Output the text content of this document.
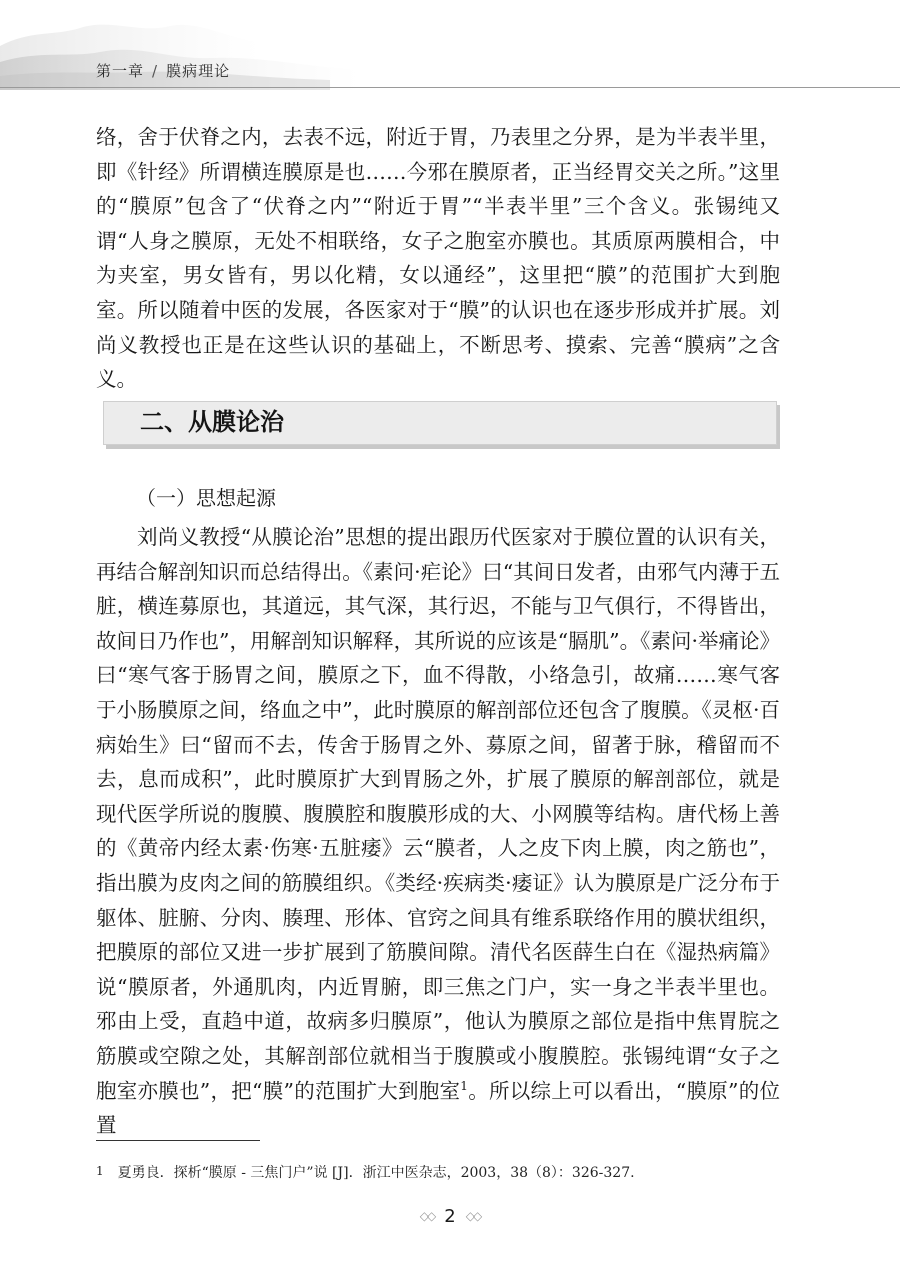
第一章 / 膜病理论

络，舍于伏脊之内，去表不远，附近于胃，乃表里之分界，是为半表半里，即《针经》所谓横连膜原是也……今邪在膜原者，正当经胃交关之所。”这里的“膜原”包含了“伏脊之内”“附近于胃”“半表半里”三个含义。张锡纯又谓“人身之膜原，无处不相联络，女子之胞室亦膜也。其质原两膜相合，中为夹室，男女皆有，男以化精，女以通经”，这里把“膜”的范围扩大到胞室。所以随着中医的发展，各医家对于“膜”的认识也在逐步形成并扩展。刘尚义教授也正是在这些认识的基础上，不断思考、摸索、完善“膜病”之含义。

二、从膜论治
（一）思想起源

刘尚义教授“从膜论治”思想的提出跟历代医家对于膜位置的认识有关，再结合解剖知识而总结得出。《素问·疟论》曰“其间日发者，由邪气内薄于五脏，横连募原也，其道远，其气深，其行迟，不能与卫气俱行，不得皆出，故间日乃作也”，用解剖知识解释，其所说的应该是“膈肌”。《素问·举痛论》曰“寒气客于肠胃之间，膜原之下，血不得散，小络急引，故痛……寒气客于小肠膜原之间，络血之中”，此时膜原的解剖部位还包含了腹膜。《灵枢·百病始生》曰“留而不去，传舍于肠胃之外、募原之间，留著于脉，稽留而不去，息而成积”，此时膜原扩大到胃肠之外，扩展了膜原的解剖部位，就是现代医学所说的腹膜、腹膜腔和腹膜形成的大、小网膜等结构。唐代杨上善的《黄帝内经太素·伤寒·五脏痿》云“膜者，人之皮下肉上膜，肉之筋也”，指出膜为皮肉之间的筋膜组织。《类经·疾病类·痿证》认为膜原是广泛分布于躯体、脏腑、分肉、腠理、形体、官窍之间具有维系联络作用的膜状组织，把膜原的部位又进一步扩展到了筋膜间隙。清代名医薛生白在《湿热病篇》说“膜原者，外通肌肉，内近胃腑，即三焦之门户，实一身之半表半里也。邪由上受，直趋中道，故病多归膜原”，他认为膜原之部位是指中焦胃脘之筋膜或空隙之处，其解剖部位就相当于腹膜或小腹膜腔。张锡纯谓“女子之胞室亦膜也”，把“膜”的范围扩大到胞室$^1$。所以综上可以看出，“膜原”的位置

1 夏勇良．探析“膜原 - 三焦门户”说 [J]．浙江中医杂志，2003，38（8）：326-327.
◇◇ 2 ◇◇
